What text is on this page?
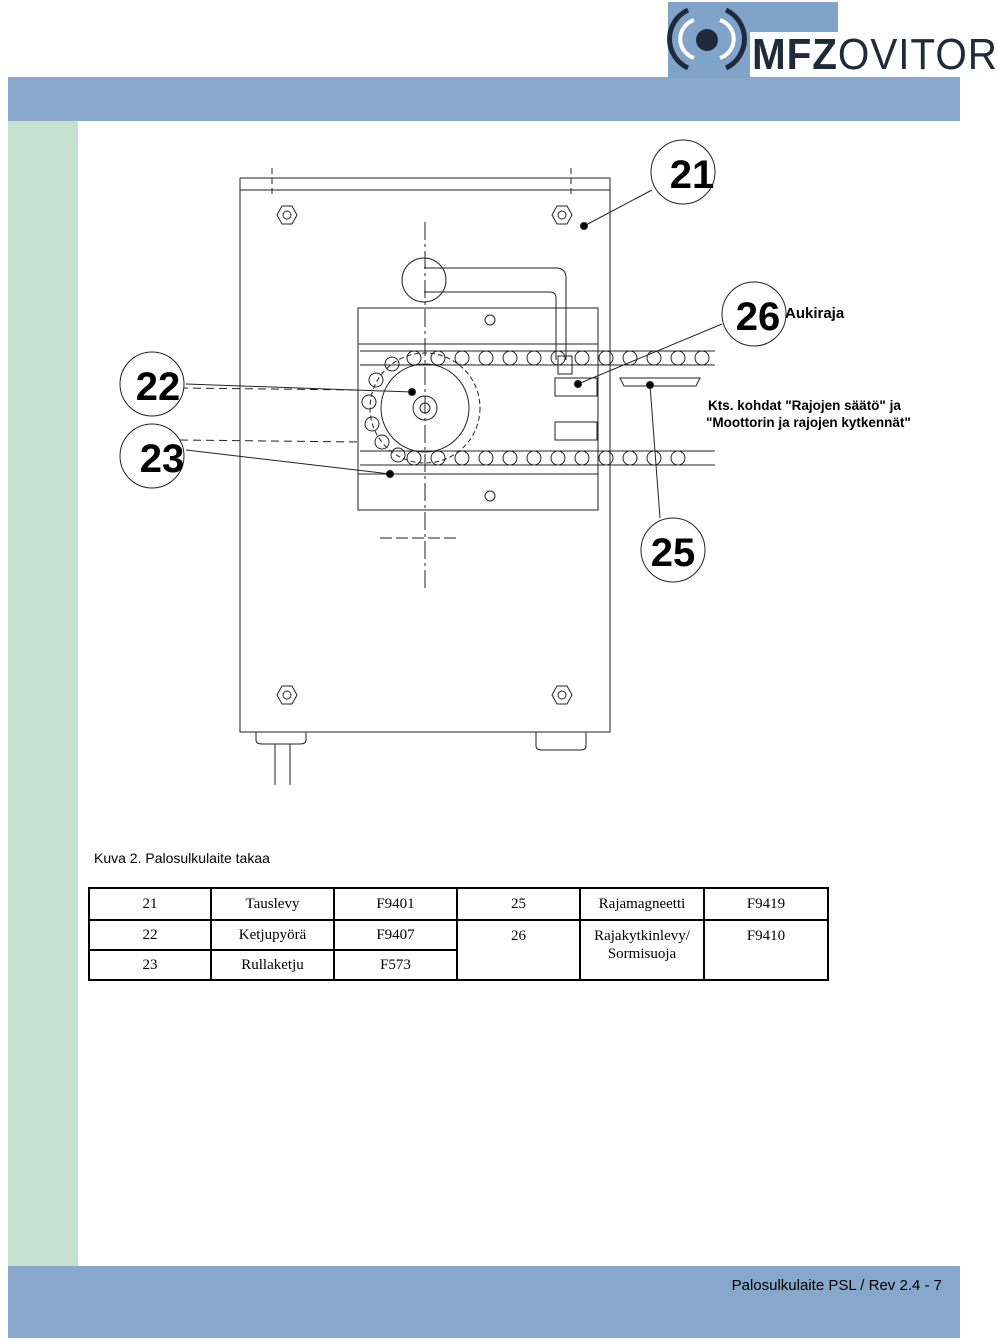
MFZOVITOR
21
22
23
25
26 Aukiraja
Kts. kohdat "Rajojen säätö" ja
"Moottorin ja rajojen kytkennät"
Kuva 2. Palosulkulaite takaa
21	Tauslevy	F9401	25	Rajamagneetti	F9419
22	Ketjupyörä	F9407	26	Rajakytkinlevy/ Sormisuoja	F9410
23	Rullaketju	F573			
Palosulkulaite PSL / Rev 2.4 - 7
